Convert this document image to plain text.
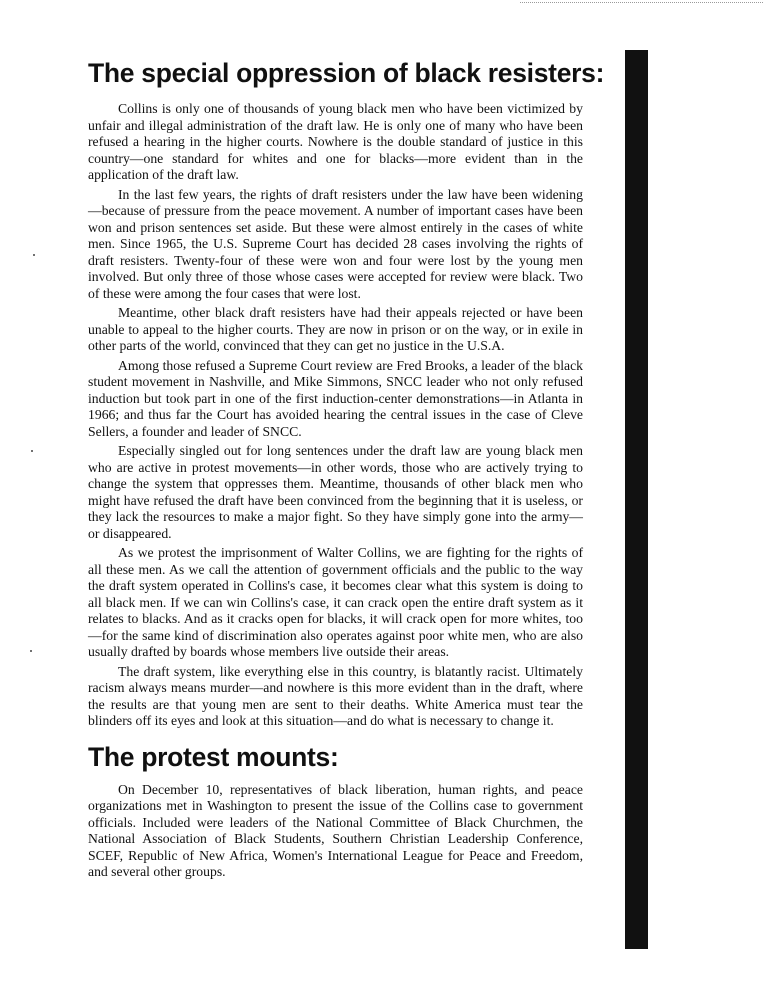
The special oppression of black resisters:

Collins is only one of thousands of young black men who have been victimized by unfair and illegal administration of the draft law. He is only one of many who have been refused a hearing in the higher courts. Nowhere is the double standard of justice in this country—one standard for whites and one for blacks—more evident than in the application of the draft law.

In the last few years, the rights of draft resisters under the law have been widening—because of pressure from the peace movement. A number of important cases have been won and prison sentences set aside. But these were almost entirely in the cases of white men. Since 1965, the U.S. Supreme Court has decided 28 cases involving the rights of draft resisters. Twenty-four of these were won and four were lost by the young men involved. But only three of those whose cases were accepted for review were black. Two of these were among the four cases that were lost.

Meantime, other black draft resisters have had their appeals rejected or have been unable to appeal to the higher courts. They are now in prison or on the way, or in exile in other parts of the world, convinced that they can get no justice in the U.S.A.

Among those refused a Supreme Court review are Fred Brooks, a leader of the black student movement in Nashville, and Mike Simmons, SNCC leader who not only refused induction but took part in one of the first induction-center demonstrations—in Atlanta in 1966; and thus far the Court has avoided hearing the central issues in the case of Cleve Sellers, a founder and leader of SNCC.

Especially singled out for long sentences under the draft law are young black men who are active in protest movements—in other words, those who are actively trying to change the system that oppresses them. Meantime, thousands of other black men who might have refused the draft have been convinced from the beginning that it is useless, or they lack the resources to make a major fight. So they have simply gone into the army—or disappeared.

As we protest the imprisonment of Walter Collins, we are fighting for the rights of all these men. As we call the attention of government officials and the public to the way the draft system operated in Collins's case, it becomes clear what this system is doing to all black men. If we can win Collins's case, it can crack open the entire draft system as it relates to blacks. And as it cracks open for blacks, it will crack open for more whites, too—for the same kind of discrimination also operates against poor white men, who are also usually drafted by boards whose members live outside their areas.

The draft system, like everything else in this country, is blatantly racist. Ultimately racism always means murder—and nowhere is this more evident than in the draft, where the results are that young men are sent to their deaths. White America must tear the blinders off its eyes and look at this situation—and do what is necessary to change it.

The protest mounts:

On December 10, representatives of black liberation, human rights, and peace organizations met in Washington to present the issue of the Collins case to government officials. Included were leaders of the National Committee of Black Churchmen, the National Association of Black Students, Southern Christian Leadership Conference, SCEF, Republic of New Africa, Women's International League for Peace and Freedom, and several other groups.
